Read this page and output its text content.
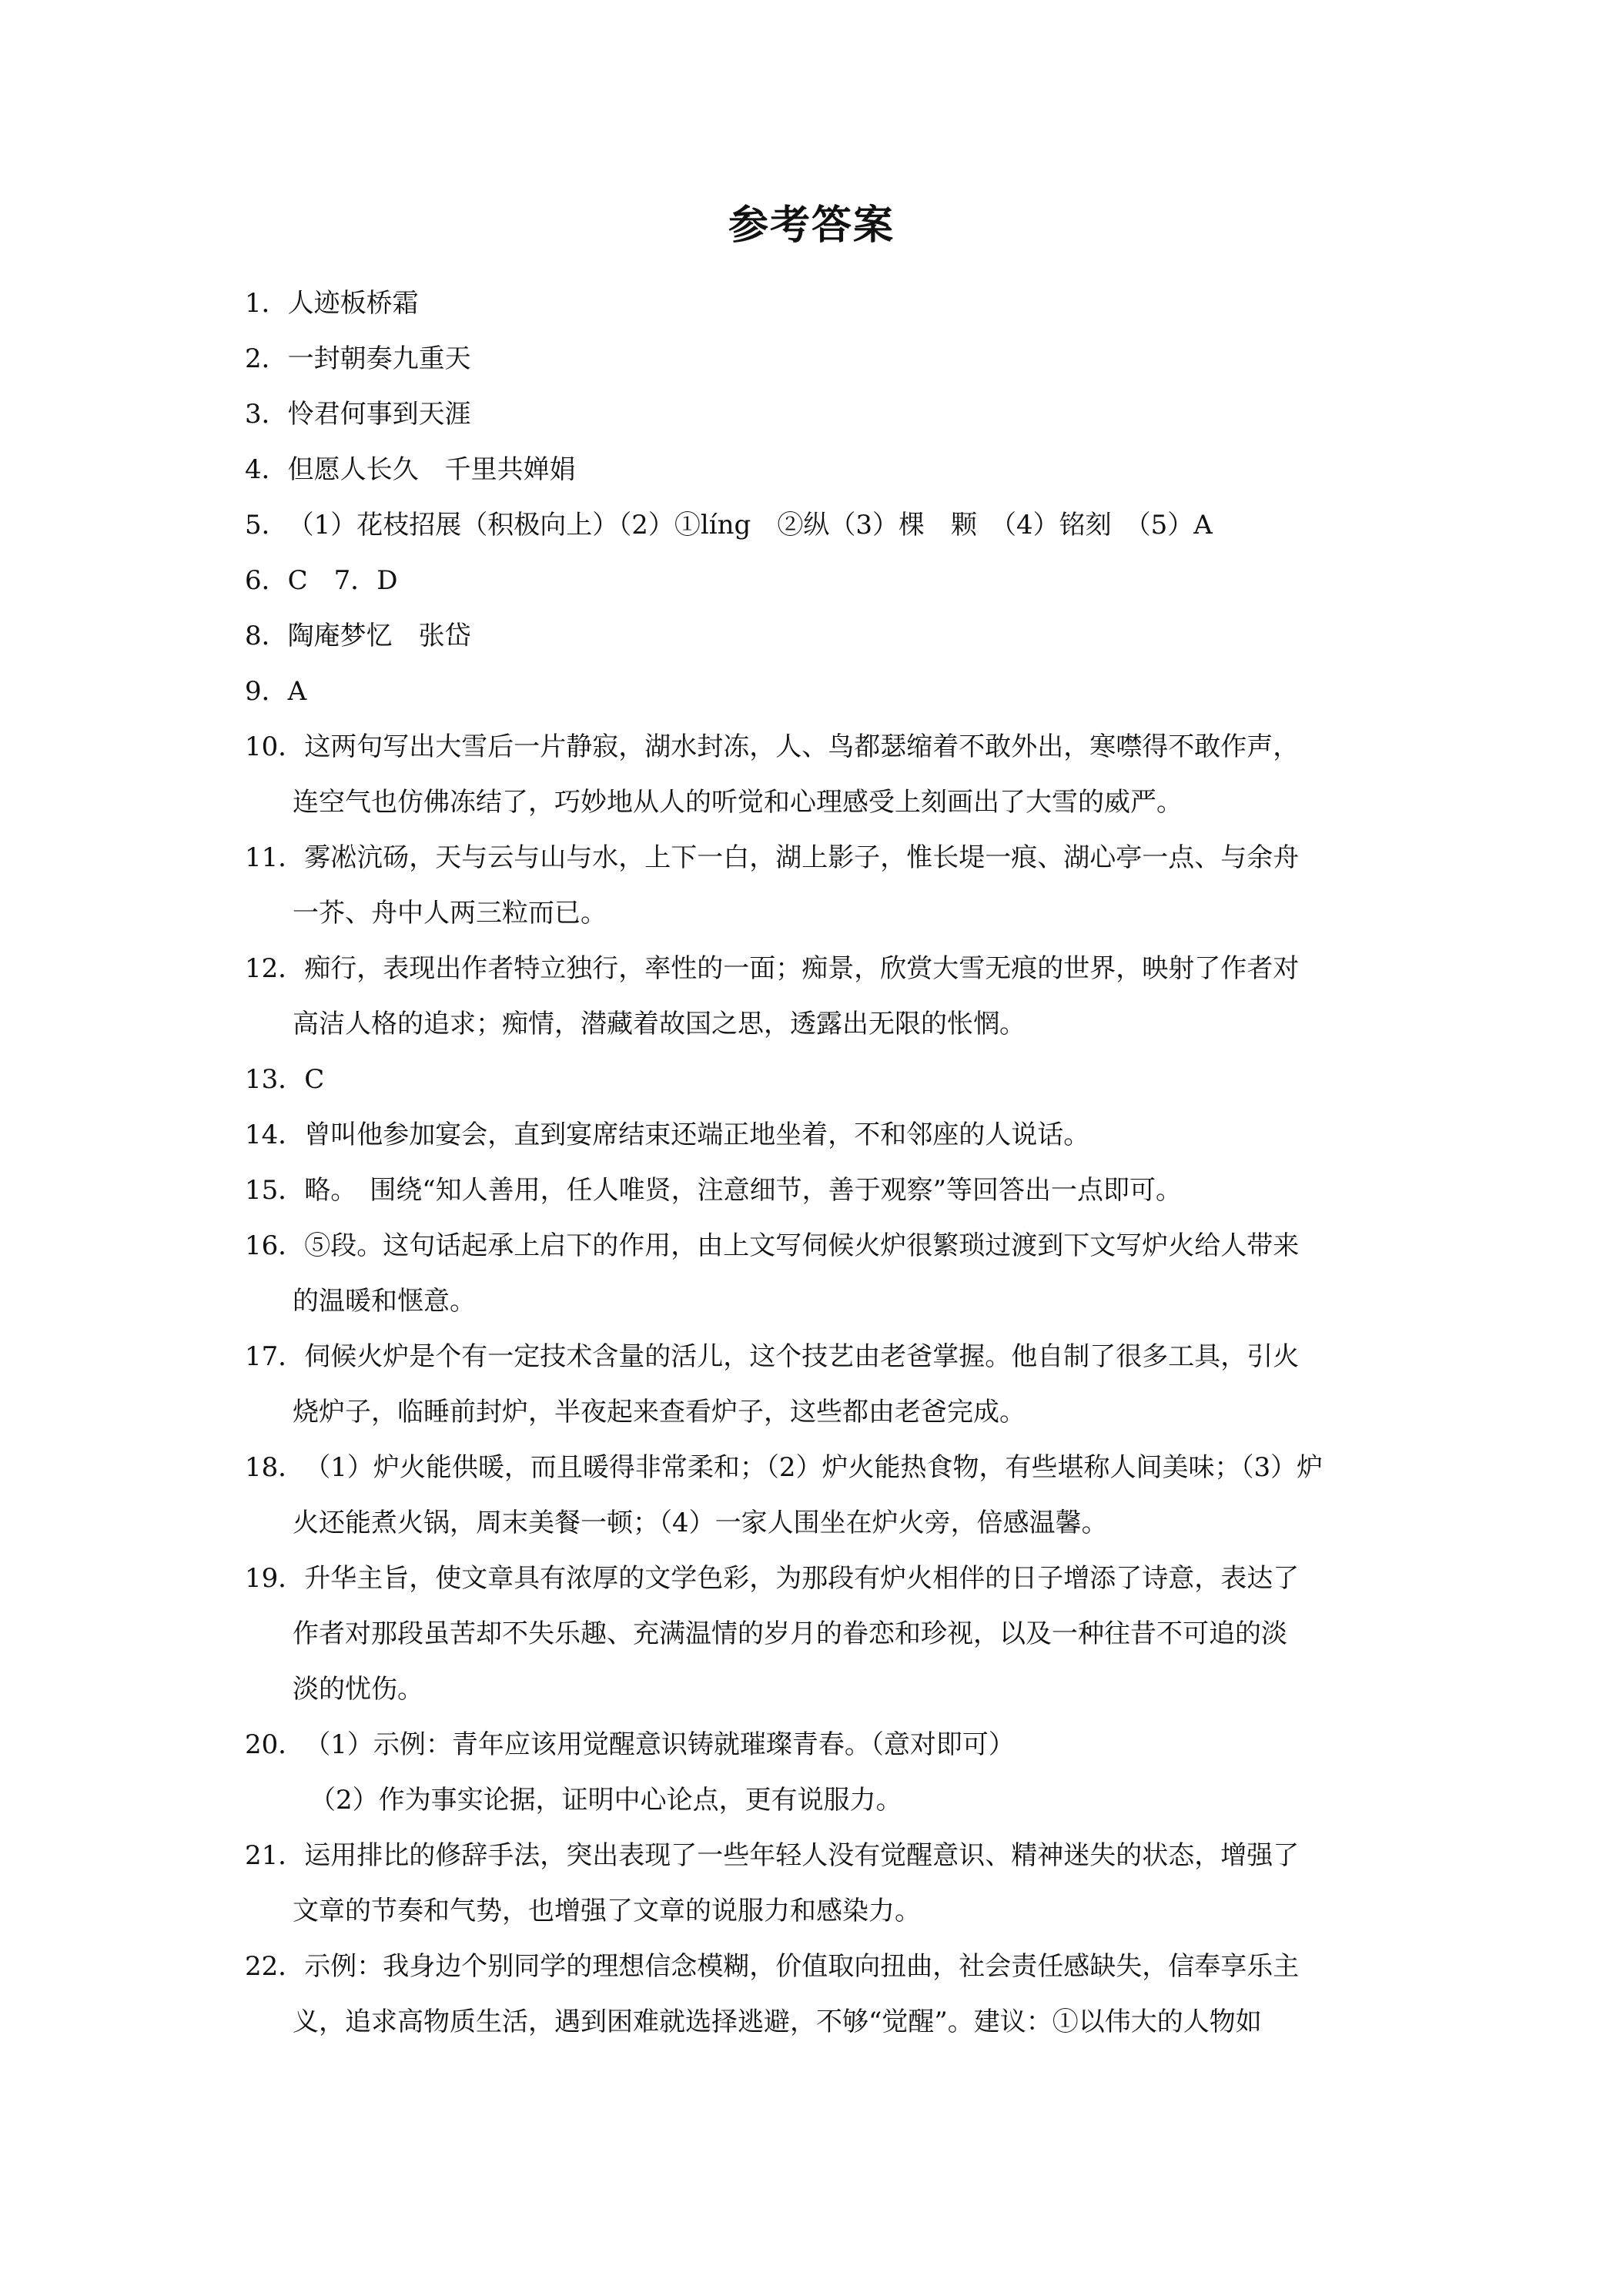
参考答案
1． 人迹板桥霜
2． 一封朝奏九重天
3． 怜君何事到天涯
4． 但愿人长久　千里共婵娟
5． （1）花枝招展（积极向上）（2）①líng　②纵（3）棵　颗　（4）铭刻　（5）A
6． C　7．D
8． 陶庵梦忆　张岱
9． A
10． 这两句写出大雪后一片静寂，湖水封冻，人、鸟都瑟缩着不敢外出，寒噤得不敢作声，
连空气也仿佛冻结了，巧妙地从人的听觉和心理感受上刻画出了大雪的威严。
11． 雾凇沆砀，天与云与山与水，上下一白，湖上影子，惟长堤一痕、湖心亭一点、与余舟
一芥、舟中人两三粒而已。
12． 痴行，表现出作者特立独行，率性的一面；痴景，欣赏大雪无痕的世界，映射了作者对
高洁人格的追求；痴情，潜藏着故国之思，透露出无限的怅惘。
13． C
14． 曾叫他参加宴会，直到宴席结束还端正地坐着，不和邻座的人说话。
15． 略。　围绕“知人善用，任人唯贤，注意细节，善于观察”等回答出一点即可。
16． ⑤段。这句话起承上启下的作用，由上文写伺候火炉很繁琐过渡到下文写炉火给人带来
的温暖和惬意。
17． 伺候火炉是个有一定技术含量的活儿，这个技艺由老爸掌握。他自制了很多工具，引火
烧炉子，临睡前封炉，半夜起来查看炉子，这些都由老爸完成。
18． （1）炉火能供暖，而且暖得非常柔和；（2）炉火能热食物，有些堪称人间美味；（3）炉
火还能煮火锅，周末美餐一顿；（4）一家人围坐在炉火旁，倍感温馨。
19． 升华主旨，使文章具有浓厚的文学色彩，为那段有炉火相伴的日子增添了诗意，表达了
作者对那段虽苦却不失乐趣、充满温情的岁月的眷恋和珍视，以及一种往昔不可追的淡
淡的忧伤。
20． （1）示例：青年应该用觉醒意识铸就璀璨青春。（意对即可）
（2）作为事实论据，证明中心论点，更有说服力。
21． 运用排比的修辞手法，突出表现了一些年轻人没有觉醒意识、精神迷失的状态，增强了
文章的节奏和气势，也增强了文章的说服力和感染力。
22． 示例：我身边个别同学的理想信念模糊，价值取向扭曲，社会责任感缺失，信奉享乐主
义，追求高物质生活，遇到困难就选择逃避，不够“觉醒”。建议：①以伟大的人物如
